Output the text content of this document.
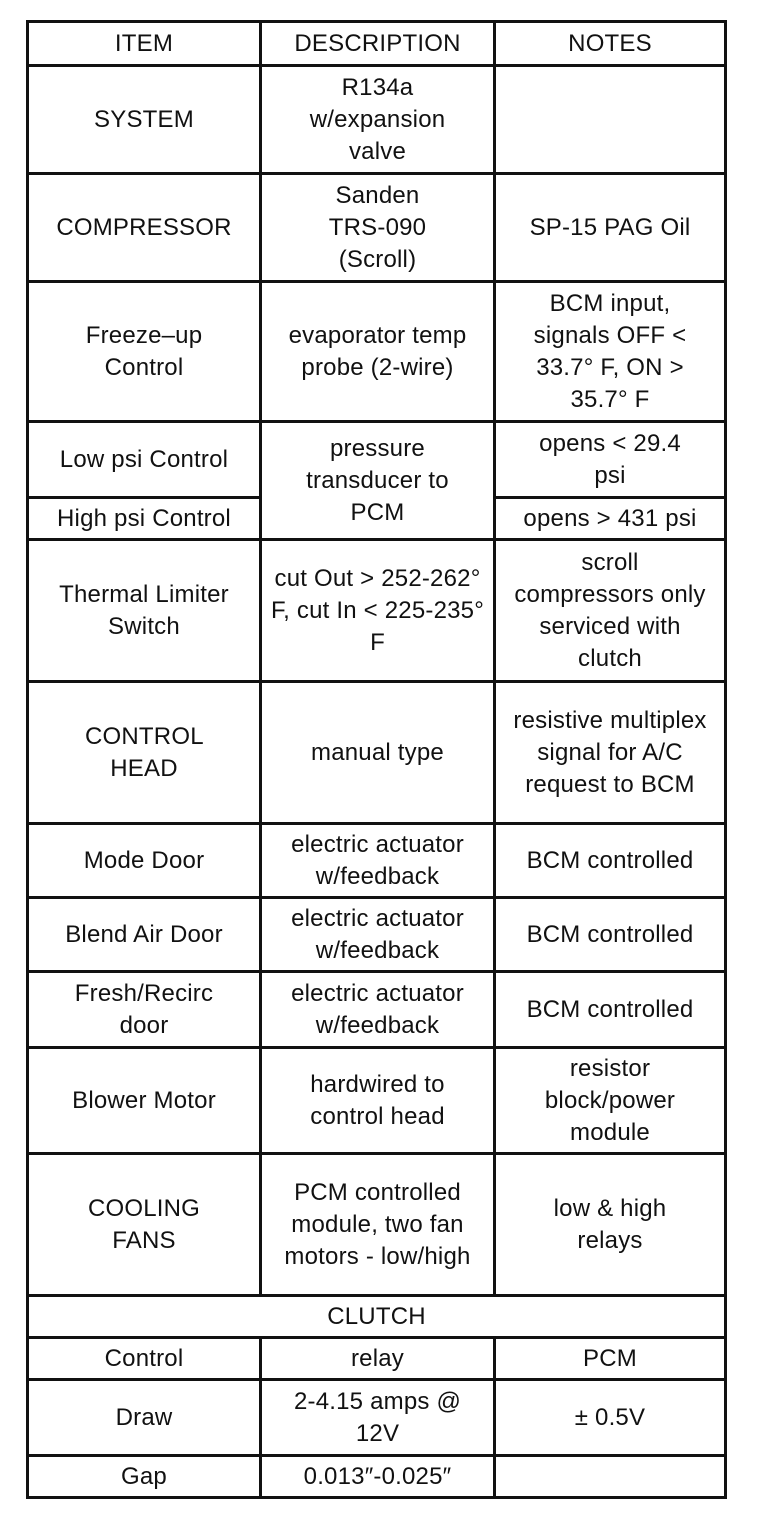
ITEM	DESCRIPTION	NOTES
SYSTEM	R134a w/expansion valve	
COMPRESSOR	Sanden TRS-090 (Scroll)	SP-15 PAG Oil
Freeze–up Control	evaporator temp probe (2-wire)	BCM input, signals OFF < 33.7° F, ON > 35.7° F
Low psi Control	pressure transducer to PCM	opens < 29.4 psi
High psi Control		opens > 431 psi
Thermal Limiter Switch	cut Out > 252-262° F, cut In < 225-235° F	scroll compressors only serviced with clutch
CONTROL HEAD	manual type	resistive multiplex signal for A/C request to BCM
Mode Door	electric actuator w/feedback	BCM controlled
Blend Air Door	electric actuator w/feedback	BCM controlled
Fresh/Recirc door	electric actuator w/feedback	BCM controlled
Blower Motor	hardwired to control head	resistor block/power module
COOLING FANS	PCM controlled module, two fan motors - low/high	low & high relays
CLUTCH		
Control	relay	PCM
Draw	2-4.15 amps @ 12V	± 0.5V
Gap	0.013″-0.025″	
